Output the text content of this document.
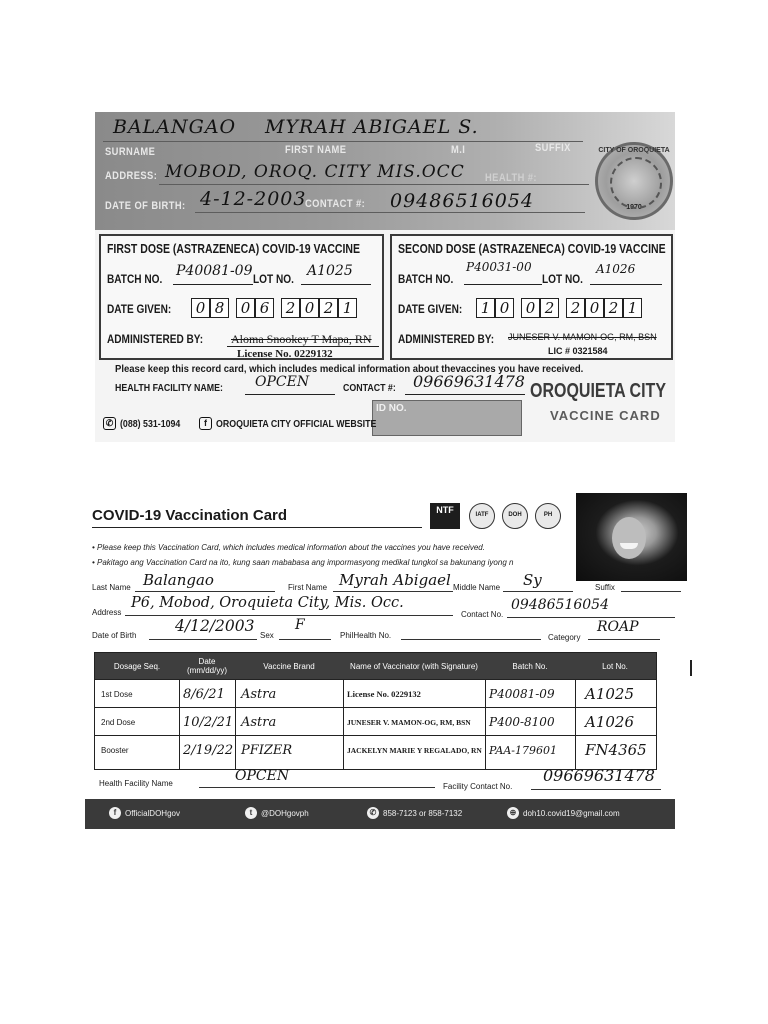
BALANGAO MYRAH ABIGAEL S.
SURNAME	FIRST NAME	M.I	SUFFIX
ADDRESS: MOBOD, OROQ. CITY MIS.OCC HEALTH #:
DATE OF BIRTH: 4-12-2003
CONTACT #: 09486516054
CITY OF OROQUIETA
1970
FIRST DOSE (ASTRAZENECA) COVID-19 VACCINE
BATCH NO. P40081-09 LOT NO. A1025
DATE GIVEN:	0 8	0 6	2 0 2 1
ADMINISTERED BY: Aloma Snookey T Mapa, RN
License No. 0229132
SECOND DOSE (ASTRAZENECA) COVID-19 VACCINE
BATCH NO.
P40031-00
LOT NO.
A1026
DATE GIVEN:	1 0	0 2	2 0 2 1
ADMINISTERED BY: JUNESER V. MAMON-OG, RM, BSN
LIC # 0321584
Please keep this record card, which includes medical information about thevaccines you have received.
HEALTH FACILITY NAME: OPCEN	CONTACT #: 09669631478
ID NO.
✆ (088) 531-1094	f OROQUIETA CITY OFFICIAL WEBSITE
OROQUIETA CITY
VACCINE CARD
COVID-19 Vaccination Card	NTF	IATF	DOH	PH
• Please keep this Vaccination Card, which includes medical information about the vaccines you have received.
• Pakitago ang Vaccination Card na ito, kung saan mababasa ang impormasyong medikal tungkol sa bakunang iyong n
Last Name Balangao	First Name Myrah Abigael Middle Name Sy	Suffix
Address
P6, Mobod, Oroquieta City, Mis. Occ.
Contact No.
09486516054
Date of Birth
4/12/2003
Sex
F
PhilHealth No.	Category
ROAP
Dosage Seq.	Date (mm/dd/yy)	Vaccine Brand	Name of Vaccinator (with Signature)	Batch No.	Lot No.
1st Dose	8/6/21	Astra	License No. 0229132	P40081-09	A1025
2nd Dose	10/2/21 Astra	JUNESER V. MAMON-OG, RM, BSN	P400-8100	A1026
Booster	2/19/22 PFIZER	JACKELYN MARIE Y REGALADO, RN PAA-179601	FN4365
Health Facility Name	OPCEN
Facility Contact No.
09669631478
f	OfficialDOHgov	t	@DOHgovph	✆ 858-7123 or 858-7132	⊕ doh10.covid19@gmail.com
